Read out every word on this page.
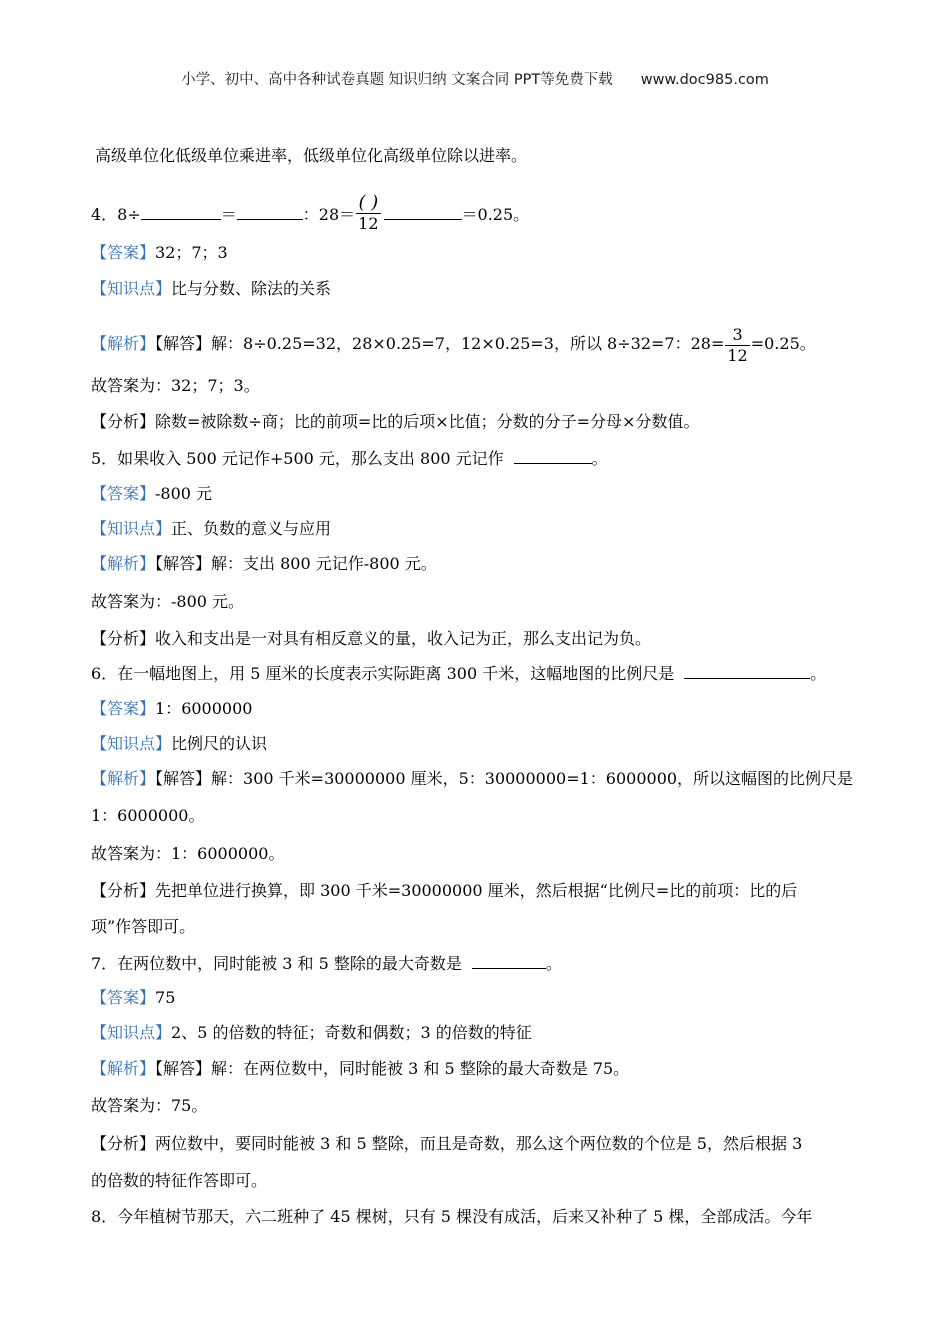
小学、初中、高中各种试卷真题 知识归纳 文案合同 PPT等免费下载 www.doc985.com
高级单位化低级单位乘进率，低级单位化高级单位除以进率。
4．8÷	＝	：$28= \frac{( )}{12}$	＝0.25。
【答案】32；7；3
【知识点】比与分数、除法的关系
【解析】【解答】解：8÷0.25=32，28×0.25=7，12×0.25=3，所以 8÷32=7：$28= \frac{3}{12} =0.25$。
故答案为：32；7；3。
【分析】除数=被除数÷商；比的前项=比的后项×比值；分数的分子=分母×分数值。
5．如果收入 500 元记作+500 元，那么支出 800 元记作	。
【答案】-800 元
【知识点】正、负数的意义与应用
【解析】【解答】解：支出 800 元记作-800 元。
故答案为：-800 元。
【分析】收入和支出是一对具有相反意义的量，收入记为正，那么支出记为负。
6．在一幅地图上，用 5 厘米的长度表示实际距离 300 千米，这幅地图的比例尺是	。
【答案】1：6000000
【知识点】比例尺的认识
【解析】【解答】解：300 千米=30000000 厘米，5：30000000=1：6000000，所以这幅图的比例尺是
1：6000000。
故答案为：1：6000000。
【分析】先把单位进行换算，即 300 千米=30000000 厘米，然后根据“比例尺=比的前项：比的后
项”作答即可。
7．在两位数中，同时能被 3 和 5 整除的最大奇数是	。
【答案】75
【知识点】2、5 的倍数的特征；奇数和偶数；3 的倍数的特征
【解析】【解答】解：在两位数中，同时能被 3 和 5 整除的最大奇数是 75。
故答案为：75。
【分析】两位数中，要同时能被 3 和 5 整除，而且是奇数，那么这个两位数的个位是 5，然后根据 3
的倍数的特征作答即可。
8．今年植树节那天，六二班种了 45 棵树，只有 5 棵没有成活，后来又补种了 5 棵，全部成活。今年
